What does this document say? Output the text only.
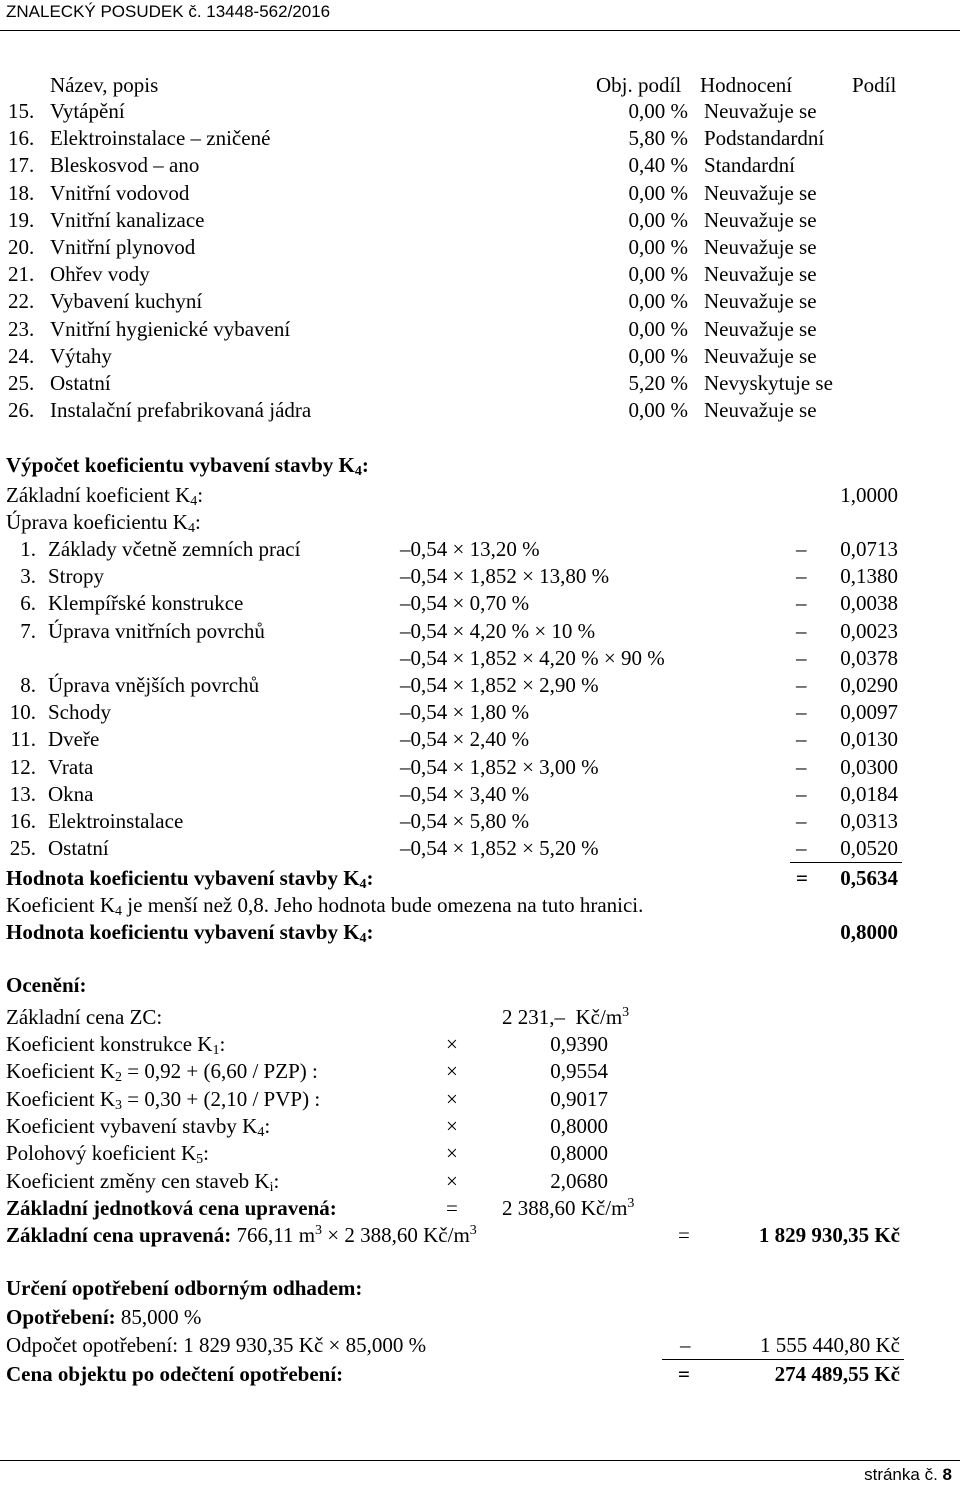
ZNALECKÝ POSUDEK č. 13448-562/2016
Název, popis	Obj. podíl Hodnocení	Podíl
15. Vytápění	0,00 % Neuvažuje se
16. Elektroinstalace – zničené	5,80 % Podstandardní
17. Bleskosvod – ano	0,40 % Standardní
18. Vnitřní vodovod	0,00 % Neuvažuje se
19. Vnitřní kanalizace	0,00 % Neuvažuje se
20. Vnitřní plynovod	0,00 % Neuvažuje se
21. Ohřev vody	0,00 % Neuvažuje se
22. Vybavení kuchyní	0,00 % Neuvažuje se
23. Vnitřní hygienické vybavení	0,00 % Neuvažuje se
24. Výtahy	0,00 % Neuvažuje se
25. Ostatní	5,20 % Nevyskytuje se
26. Instalační prefabrikovaná jádra	0,00 % Neuvažuje se
Výpočet koeficientu vybavení stavby $K_4$:
Základní koeficient $K_4$:	1,0000
Úprava koeficientu $K_4$:
1. Základy včetně zemních prací	–0,54 × 13,20 %	–	0,0713
3. Stropy	–0,54 × 1,852 × 13,80 %	–	0,1380
6. Klempířské konstrukce	–0,54 × 0,70 %	–	0,0038
7. Úprava vnitřních povrchů	–0,54 × 4,20 % × 10 %	–	0,0023
–0,54 × 1,852 × 4,20 % × 90 %	–	0,0378
8. Úprava vnějších povrchů	–0,54 × 1,852 × 2,90 %	–	0,0290
10. Schody	–0,54 × 1,80 %	–	0,0097
11. Dveře	–0,54 × 2,40 %	–	0,0130
12. Vrata	–0,54 × 1,852 × 3,00 %	–	0,0300
13. Okna	–0,54 × 3,40 %	–	0,0184
16. Elektroinstalace	–0,54 × 5,80 %	–	0,0313
25. Ostatní	–0,54 × 1,852 × 5,20 %	–	0,0520
Hodnota koeficientu vybavení stavby $K_4$:	=	0,5634
Koeficient $K_4$ je menší než 0,8. Jeho hodnota bude omezena na tuto hranici.
Hodnota koeficientu vybavení stavby $K_4$:	0,8000
Ocenění:
Základní cena ZC:	2 231,– $Kč/m^3$
Koeficient konstrukce $K_1$:	×	0,9390
Koeficient $K_2 = 0,92 + (6,60 / PZP)$ :	×	0,9554
Koeficient $K_3 = 0,30 + (2,10 / PVP)$ :	×	0,9017
Koeficient vybavení stavby $K_4$:	×	0,8000
Polohový koeficient $K_5$:	×	0,8000
Koeficient změny cen staveb $K_i$:	×	2,0680
Základní jednotková cena upravená:	= 2 388,60 $Kč/m^3$
Základní cena upravená: 766,11 $m^3 \times 2$ 388,60 $Kč/m^3$	=	1 829 930,35 Kč
Určení opotřebení odborným odhadem:
Opotřebení: 85,000 %
Odpočet opotřebení: 1 829 930,35 Kč × 85,000 %	–	1 555 440,80 Kč
Cena objektu po odečtení opotřebení:	=	274 489,55 Kč
stránka č. 8
